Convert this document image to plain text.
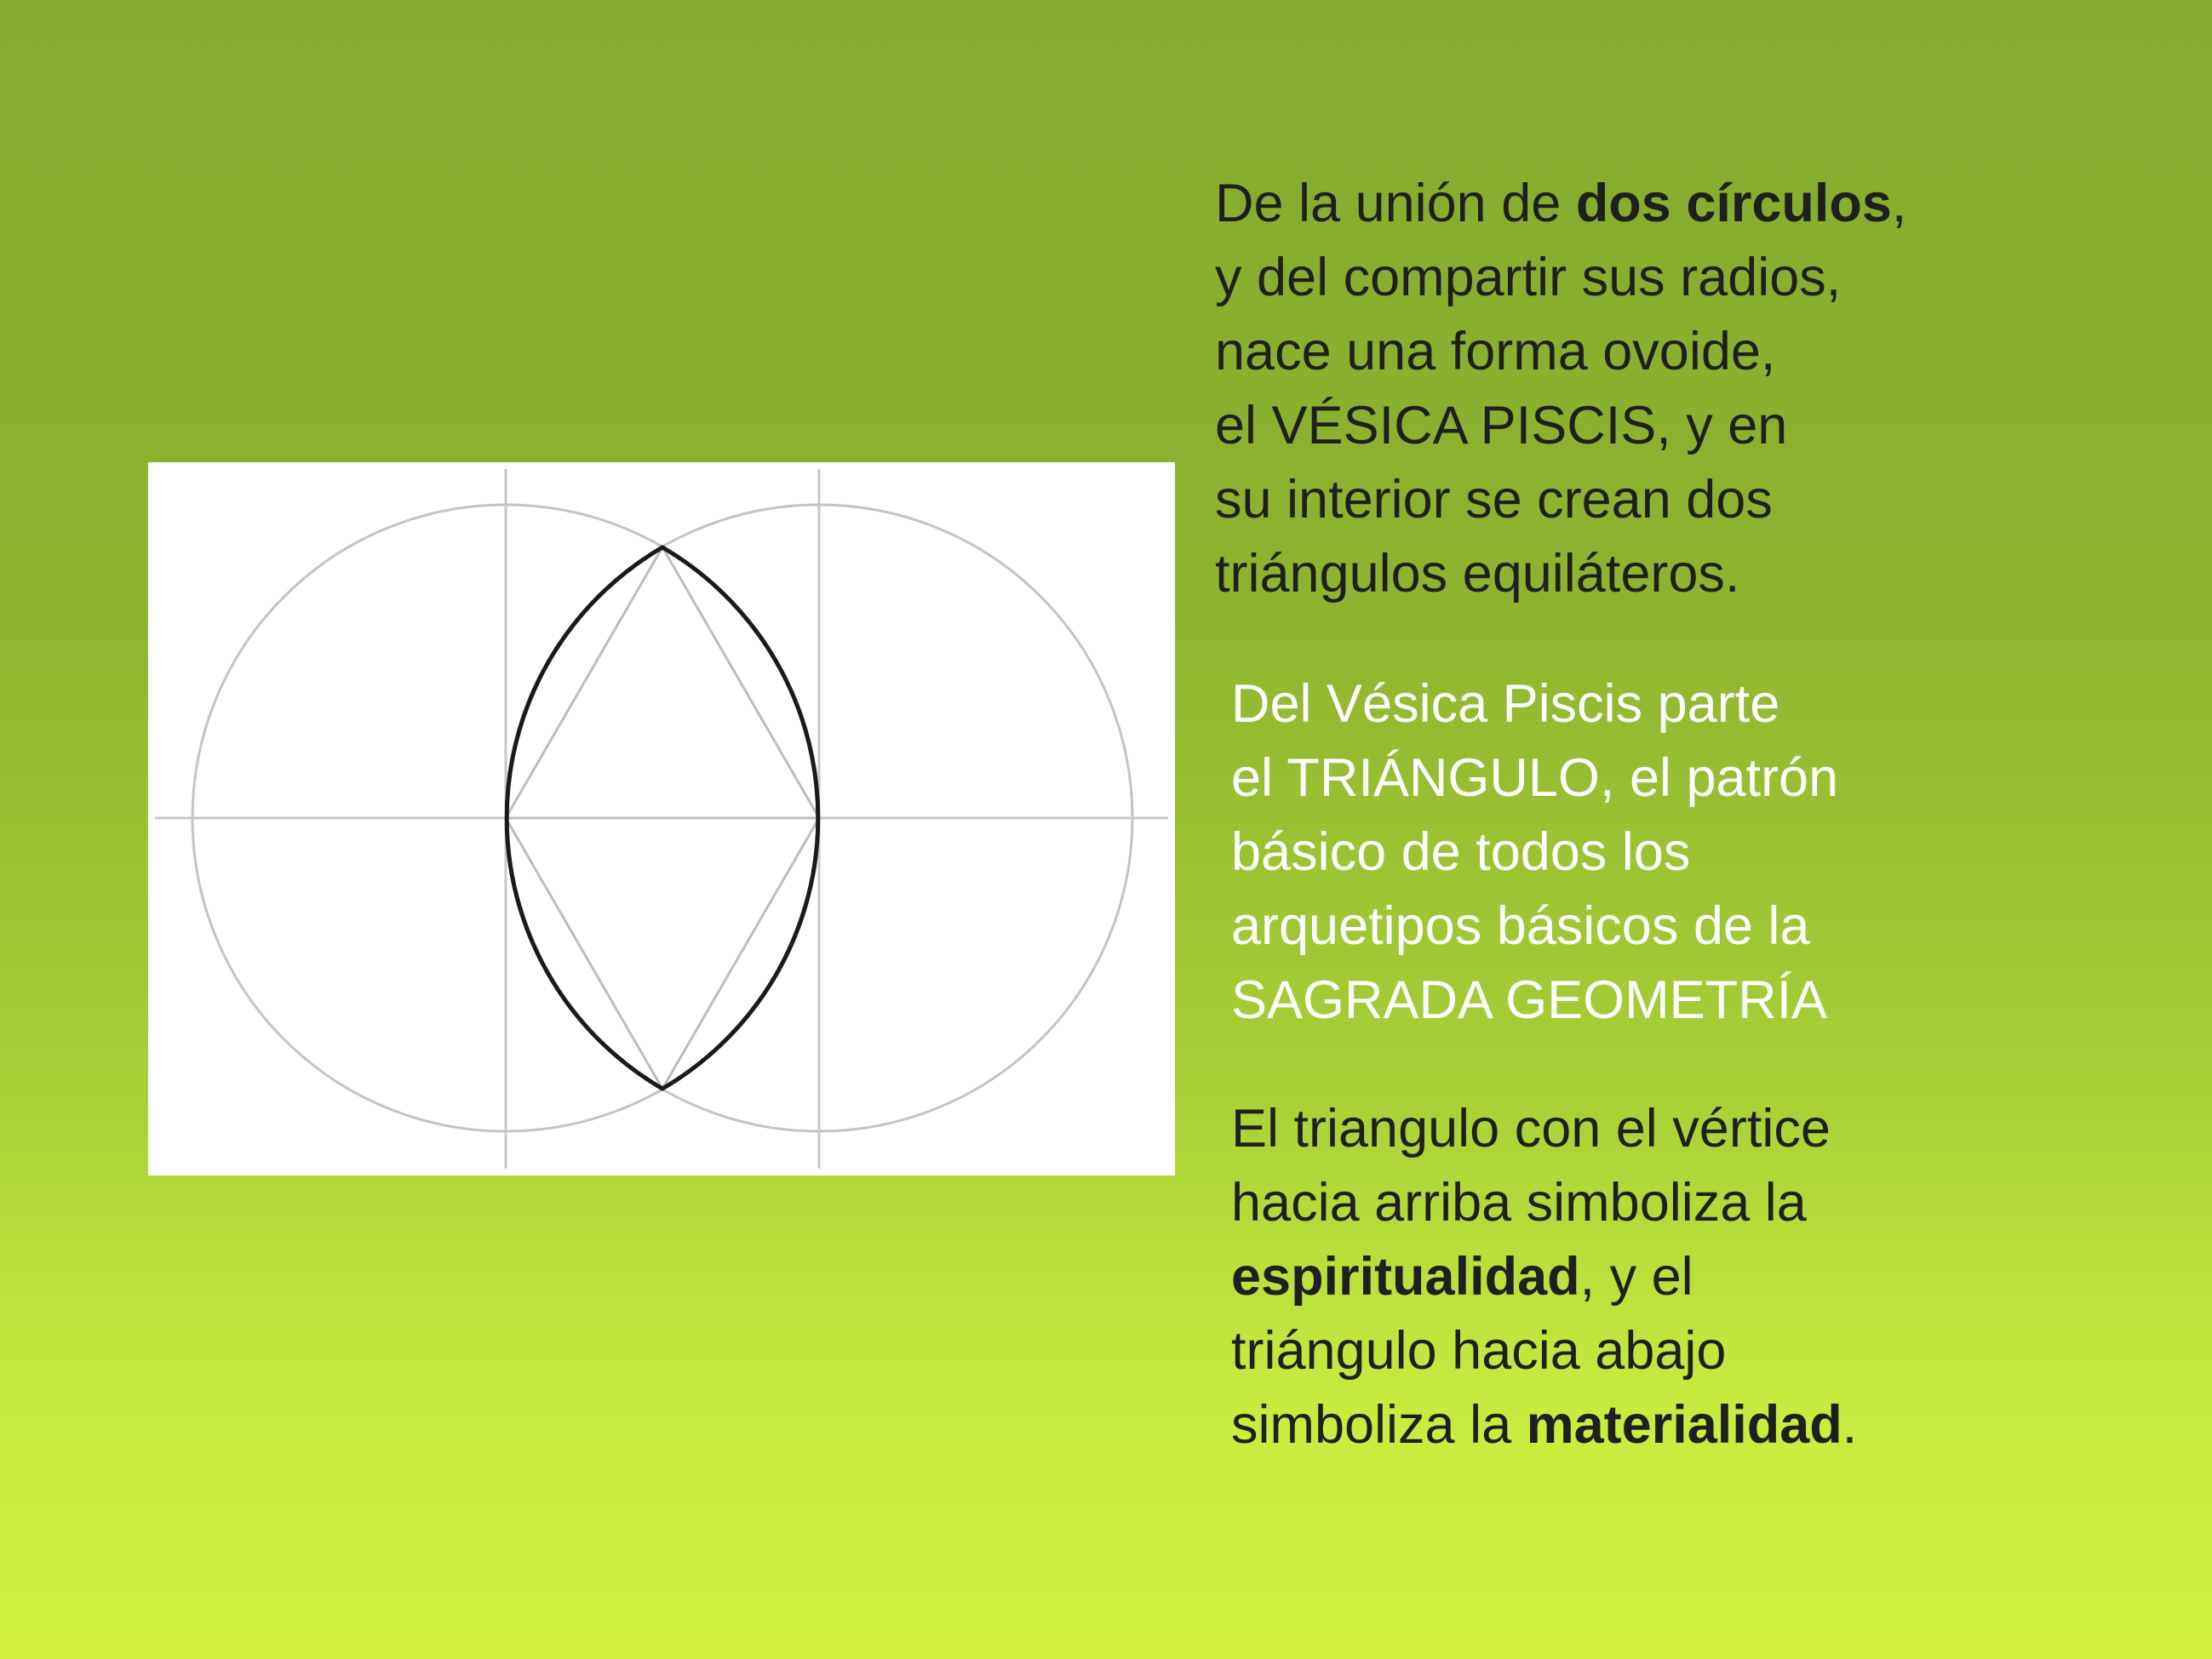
De la unión de dos círculos,
y del compartir sus radios,
nace una forma ovoide,
el VÉSICA PISCIS, y en
su interior se crean dos
triángulos equiláteros.
Del Vésica Piscis parte
el TRIÁNGULO, el patrón
básico de todos los
arquetipos básicos de la
SAGRADA GEOMETRÍA
El triangulo con el vértice
hacia arriba simboliza la
espiritualidad, y el
triángulo hacia abajo
simboliza la materialidad.
